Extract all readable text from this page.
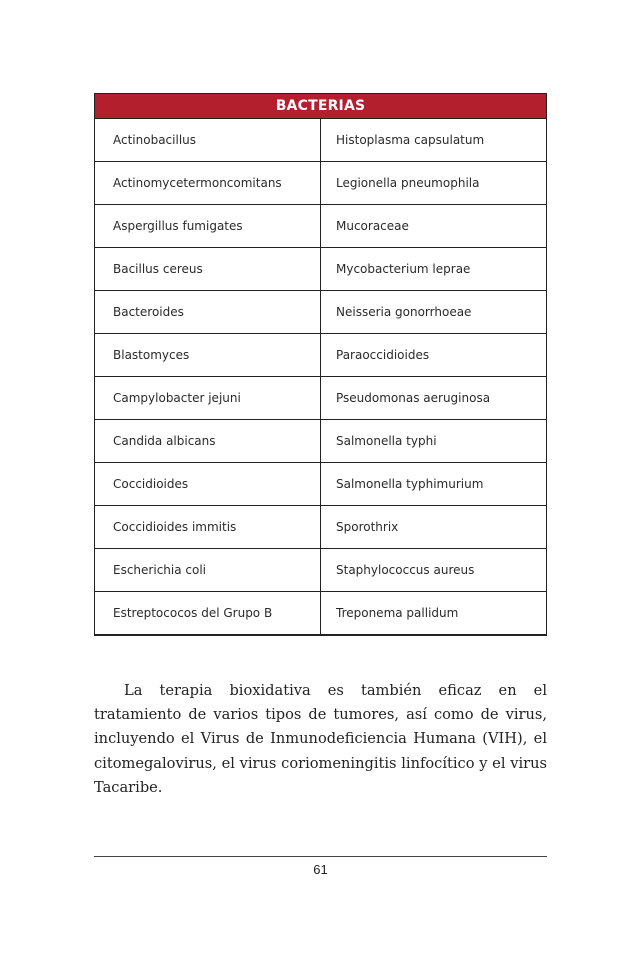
BACTERIAS	
Actinobacillus	Histoplasma capsulatum
Actinomycetermoncomitans	Legionella pneumophila
Aspergillus fumigates	Mucoraceae
Bacillus cereus	Mycobacterium leprae
Bacteroides	Neisseria gonorrhoeae
Blastomyces	Paraoccidioides
Campylobacter jejuni	Pseudomonas aeruginosa
Candida albicans	Salmonella typhi
Coccidioides	Salmonella typhimurium
Coccidioides immitis	Sporothrix
Escherichia coli	Staphylococcus aureus
Estreptococos del Grupo B	Treponema pallidum

La terapia bioxidativa es también eficaz en el tratamiento de varios tipos de tumores, así como de virus, incluyendo el Virus de Inmunodeficiencia Humana (VIH), el citomegalovirus, el virus coriomeningitis linfocítico y el virus Tacaribe.

61
